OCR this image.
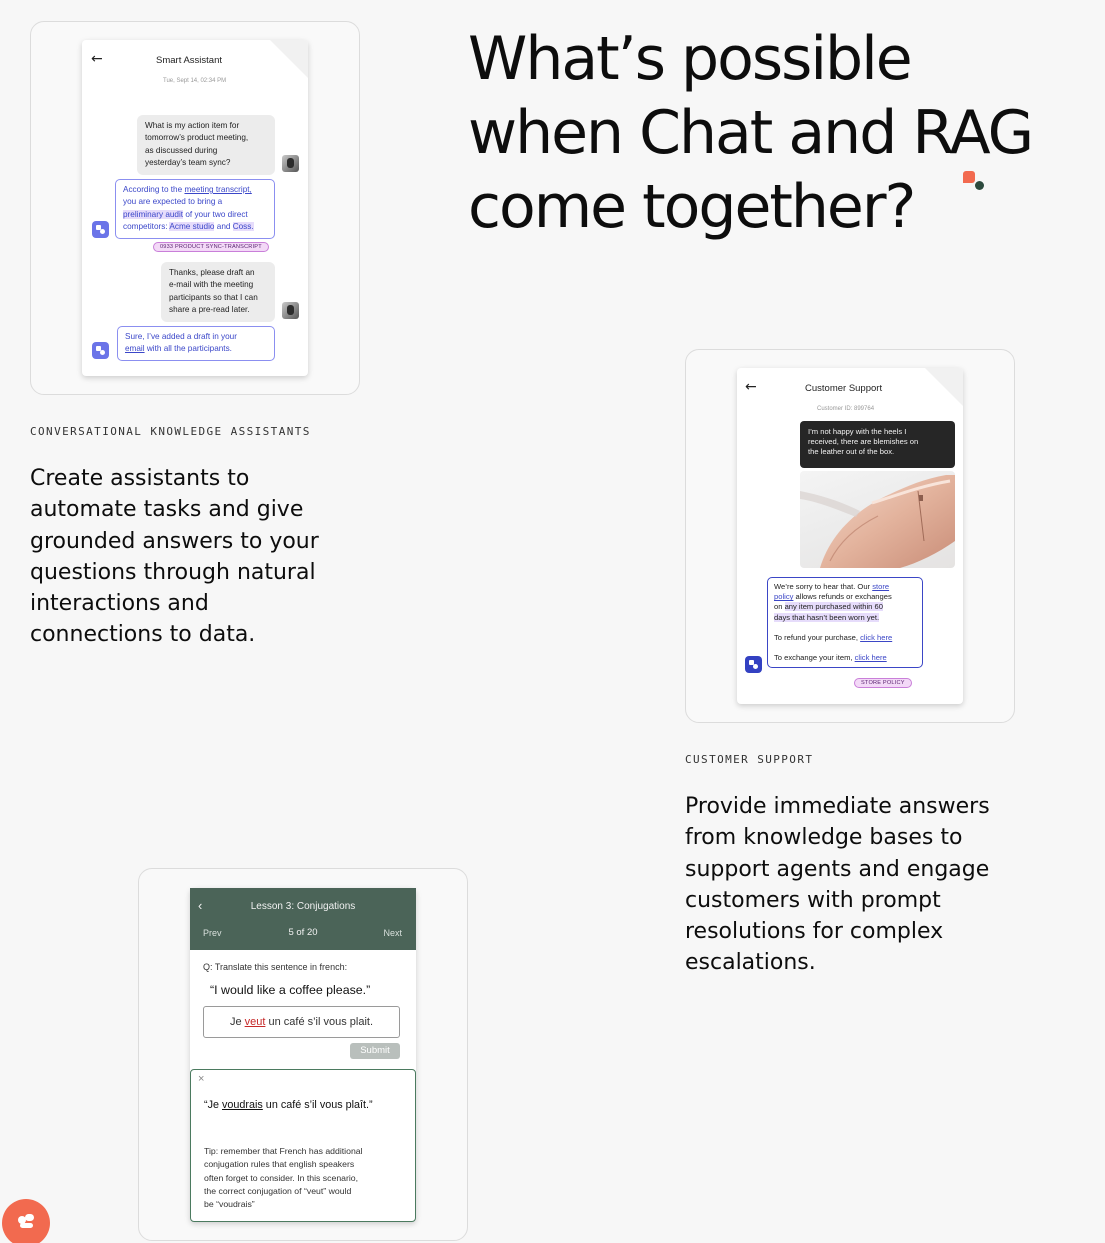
What’s possible
when Chat and RAG
come together?
←	Smart Assistant
Tue, Sept 14, 02:34 PM
What is my action item for
tomorrow’s product meeting,
as discussed during
yesterday’s team sync?
According to the meeting transcript,
you are expected to bring a
preliminary audit of your two direct
competitors: Acme studio and Coss.
0933 PRODUCT SYNC-TRANSCRIPT
Thanks, please draft an
e-mail with the meeting
participants so that I can
share a pre-read later.
Sure, I’ve added a draft in your
email with all the participants.
CONVERSATIONAL KNOWLEDGE ASSISTANTS
Create assistants to
automate tasks and give
grounded answers to your
questions through natural
interactions and
connections to data.
←	Customer Support
Customer ID: 899764
I’m not happy with the heels I
received, there are blemishes on
the leather out of the box.
We’re sorry to hear that. Our store
policy allows refunds or exchanges
on any item purchased within 60
days that hasn’t been worn yet.
To refund your purchase, click here
To exchange your item, click here
STORE POLICY
CUSTOMER SUPPORT
Provide immediate answers
from knowledge bases to
support agents and engage
customers with prompt
resolutions for complex
escalations.
‹	Lesson 3: Conjugations
Prev	5 of 20	Next
Q: Translate this sentence in french:
“I would like a coffee please.”
Je veut un café s’il vous plait.
Submit
×
“Je voudrais un café s’il vous plaît.”
Tip: remember that French has additional
conjugation rules that english speakers
often forget to consider. In this scenario,
the correct conjugation of “veut” would
be “voudrais”
